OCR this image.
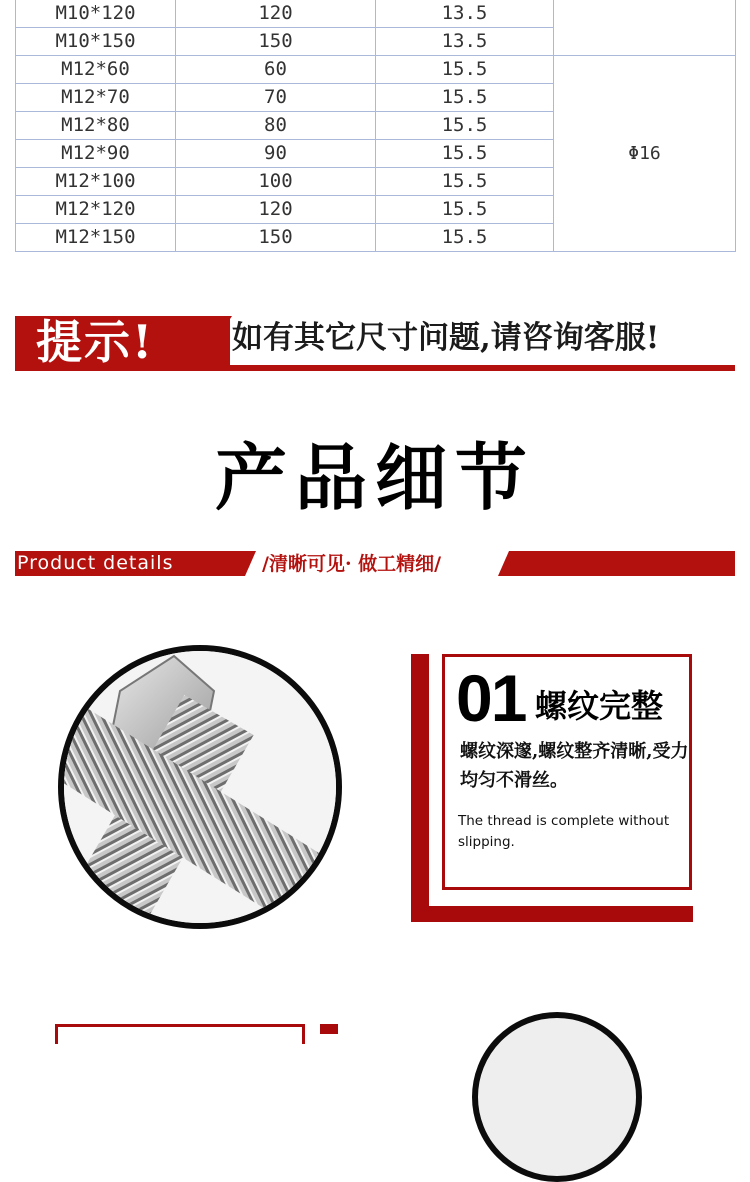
M10*120	120	13.5	
M10*150	150	13.5	
M12*60	60	15.5	Φ16
M12*70	70	15.5	
M12*80	80	15.5	
M12*90	90	15.5	
M12*100	100	15.5	
M12*120	120	15.5	
M12*150	150	15.5	
提示!	如有其它尺寸问题,请咨询客服!
产品细节
Product details	/清晰可见· 做工精细/
01 螺纹完整
螺纹深邃,螺纹整齐清晰,受力均匀不滑丝。
The thread is complete without slipping.
